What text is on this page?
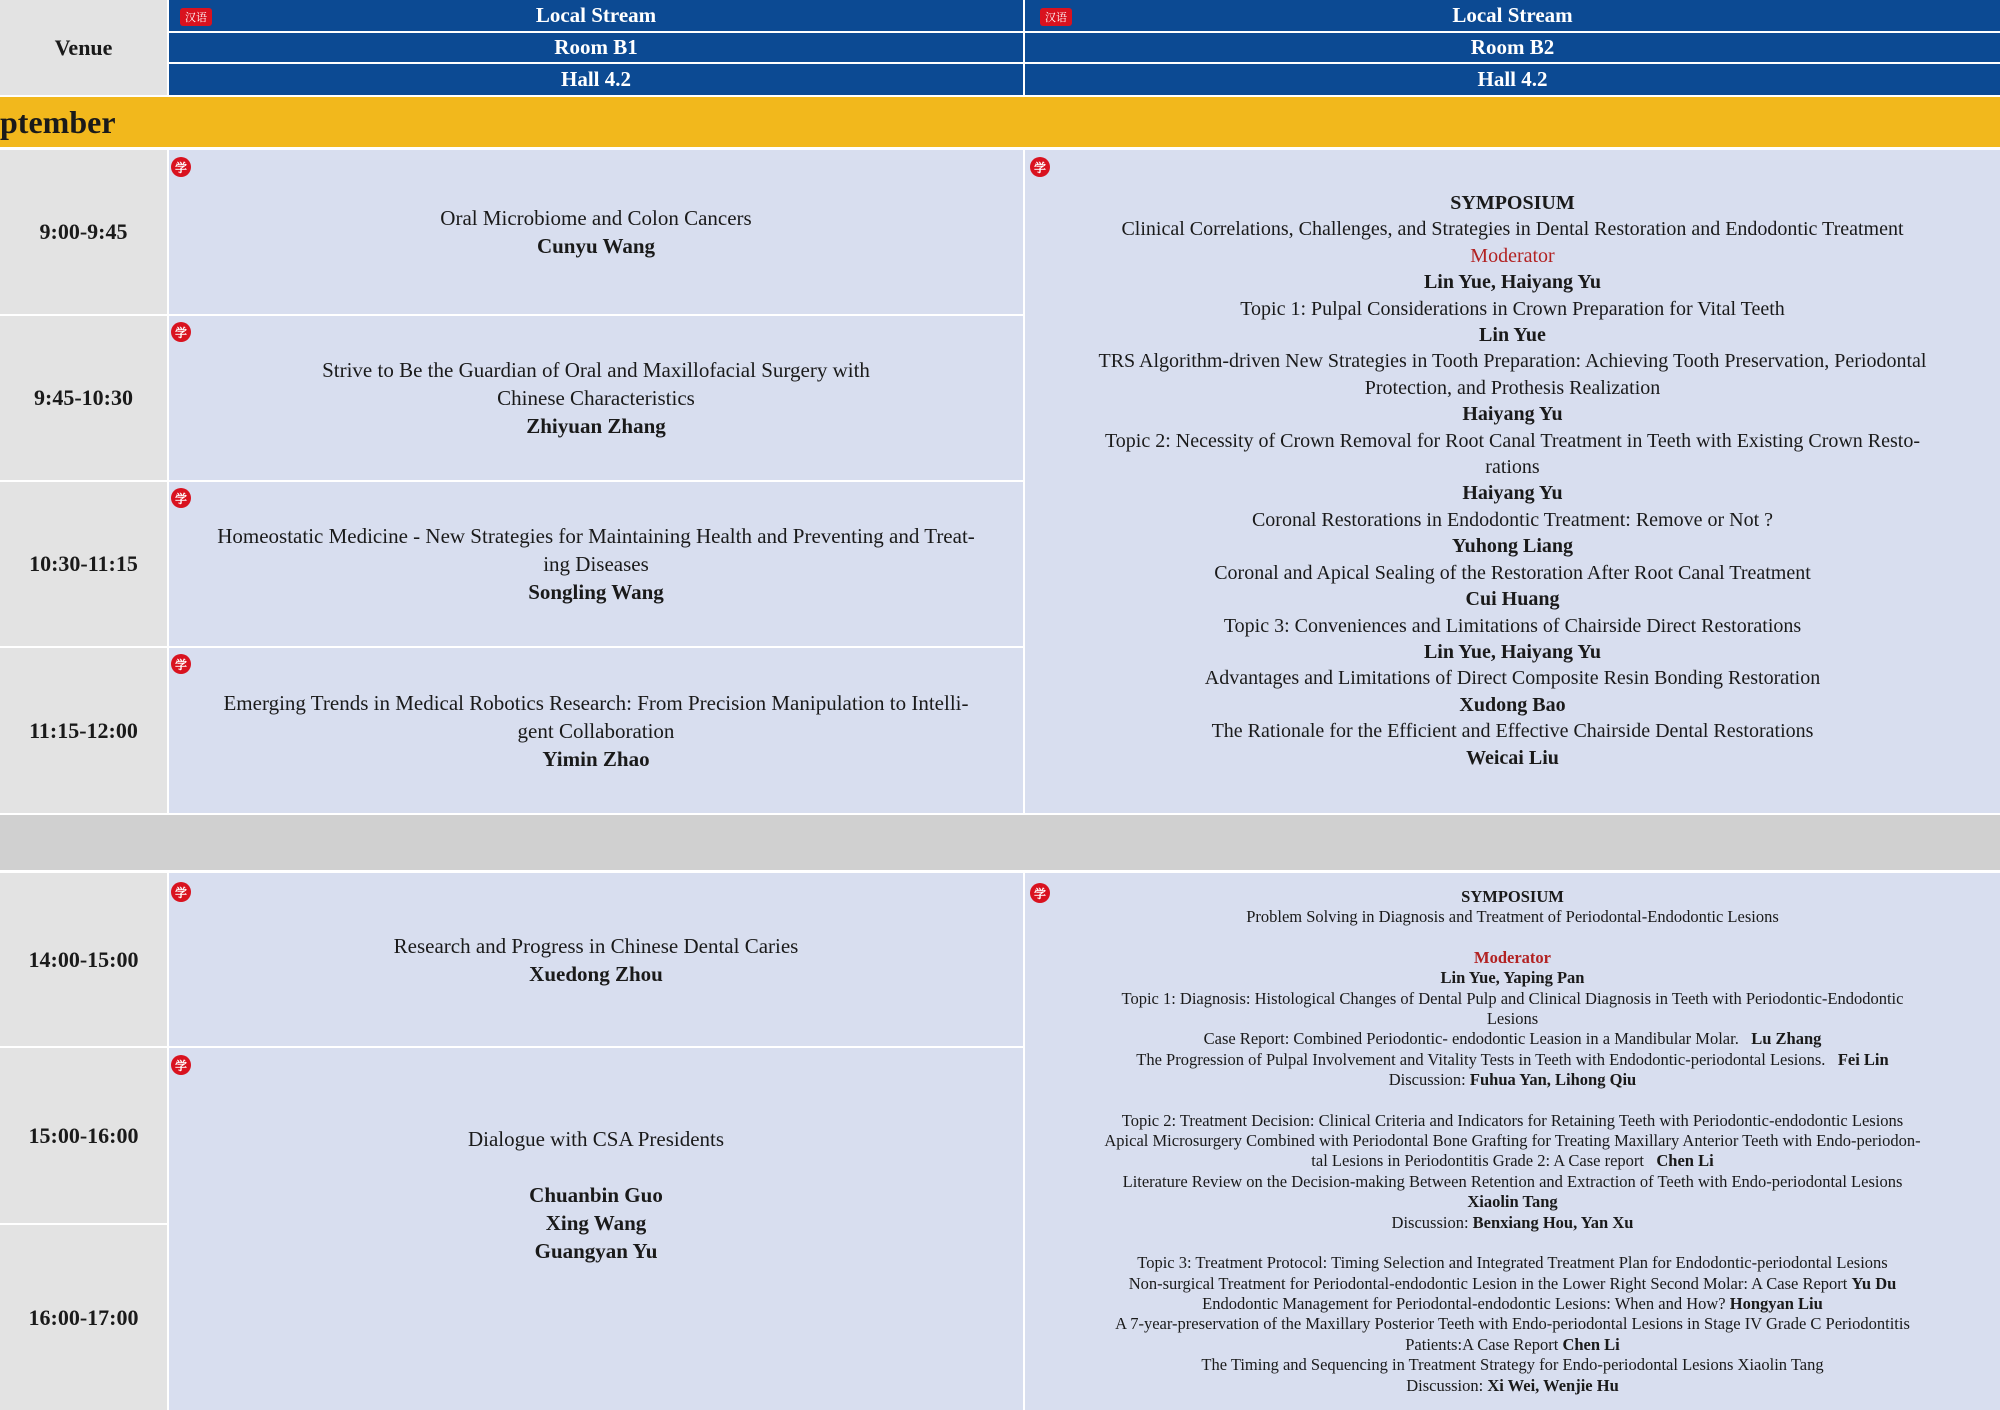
Venue
Local Stream
汉语
Room B1
Hall 4.2
Local Stream
汉语
Room B2
Hall 4.2
ptember
9:00-9:45
9:45-10:30
10:30-11:15
11:15-12:00
14:00-15:00
15:00-16:00
16:00-17:00
Oral Microbiome and Colon Cancers
Cunyu Wang
Strive to Be the Guardian of Oral and Maxillofacial Surgery with
Chinese Characteristics
Zhiyuan Zhang
Homeostatic Medicine - New Strategies for Maintaining Health and Preventing and Treat-
ing Diseases
Songling Wang
Emerging Trends in Medical Robotics Research: From Precision Manipulation to Intelli-
gent Collaboration
Yimin Zhao
Research and Progress in Chinese Dental Caries
Xuedong Zhou
Dialogue with CSA Presidents
Chuanbin Guo
Xing Wang
Guangyan Yu
SYMPOSIUM
Clinical Correlations, Challenges, and Strategies in Dental Restoration and Endodontic Treatment
Moderator
Lin Yue, Haiyang Yu
Topic 1: Pulpal Considerations in Crown Preparation for Vital Teeth
Lin Yue
TRS Algorithm-driven New Strategies in Tooth Preparation: Achieving Tooth Preservation, Periodontal
Protection, and Prothesis Realization
Haiyang Yu
Topic 2: Necessity of Crown Removal for Root Canal Treatment in Teeth with Existing Crown Resto-
rations
Haiyang Yu
Coronal Restorations in Endodontic Treatment: Remove or Not ?
Yuhong Liang
Coronal and Apical Sealing of the Restoration After Root Canal Treatment
Cui Huang
Topic 3: Conveniences and Limitations of Chairside Direct Restorations
Lin Yue, Haiyang Yu
Advantages and Limitations of Direct Composite Resin Bonding Restoration
Xudong Bao
The Rationale for the Efficient and Effective Chairside Dental Restorations
Weicai Liu
SYMPOSIUM
Problem Solving in Diagnosis and Treatment of Periodontal-Endodontic Lesions
Moderator
Lin Yue, Yaping Pan
Topic 1: Diagnosis: Histological Changes of Dental Pulp and Clinical Diagnosis in Teeth with Periodontic-Endodontic
Lesions
Case Report: Combined Periodontic- endodontic Leasion in a Mandibular Molar.   Lu Zhang
The Progression of Pulpal Involvement and Vitality Tests in Teeth with Endodontic-periodontal Lesions.   Fei Lin
Discussion: Fuhua Yan, Lihong Qiu
Topic 2: Treatment Decision: Clinical Criteria and Indicators for Retaining Teeth with Periodontic-endodontic Lesions
Apical Microsurgery Combined with Periodontal Bone Grafting for Treating Maxillary Anterior Teeth with Endo-periodon-
tal Lesions in Periodontitis Grade 2: A Case report   Chen Li
Literature Review on the Decision-making Between Retention and Extraction of Teeth with Endo-periodontal Lesions
Xiaolin Tang
Discussion: Benxiang Hou, Yan Xu
Topic 3: Treatment Protocol: Timing Selection and Integrated Treatment Plan for Endodontic-periodontal Lesions
Non-surgical Treatment for Periodontal-endodontic Lesion in the Lower Right Second Molar: A Case Report Yu Du
Endodontic Management for Periodontal-endodontic Lesions: When and How? Hongyan Liu
A 7-year-preservation of the Maxillary Posterior Teeth with Endo-periodontal Lesions in Stage IV Grade C Periodontitis
Patients:A Case Report Chen Li
The Timing and Sequencing in Treatment Strategy for Endo-periodontal Lesions Xiaolin Tang
Discussion: Xi Wei, Wenjie Hu
学
学
学
学
学
学
学
学
